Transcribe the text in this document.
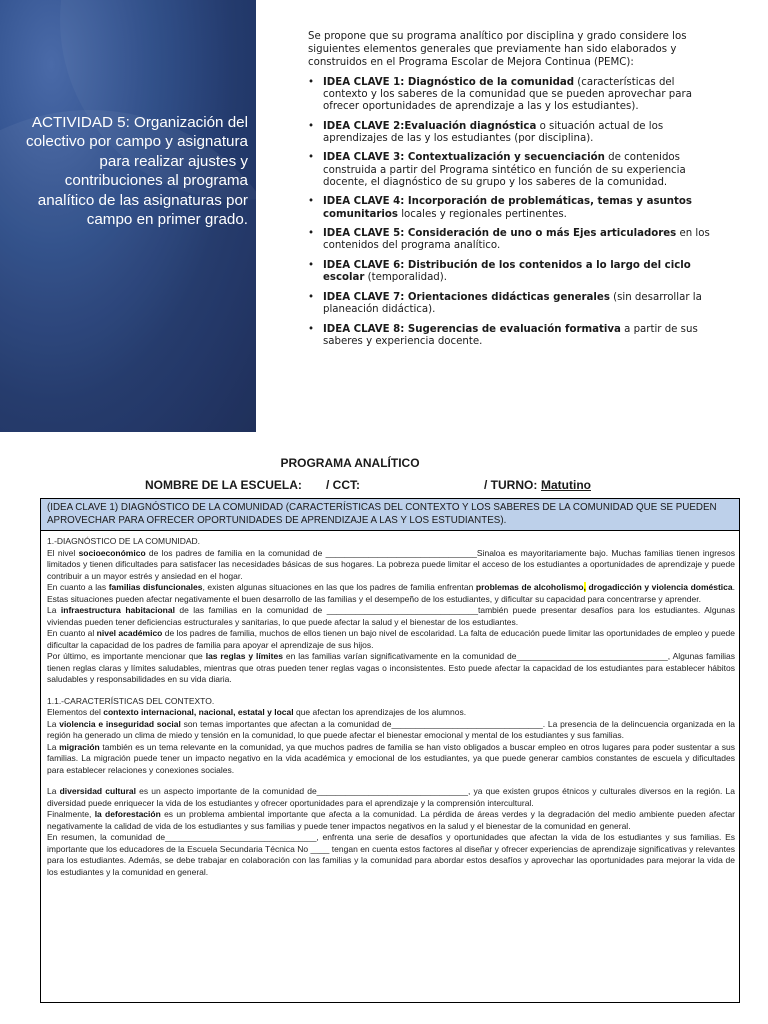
ACTIVIDAD 5: Organización del colectivo por campo y asignatura para realizar ajustes y contribuciones al programa analítico de las asignaturas por campo en primer grado.

Se propone que su programa analítico por disciplina y grado considere los siguientes elementos generales que previamente han sido elaborados y construidos en el Programa Escolar de Mejora Continua (PEMC):

• IDEA CLAVE 1: Diagnóstico de la comunidad (características del contexto y los saberes de la comunidad que se pueden aprovechar para ofrecer oportunidades de aprendizaje a las y los estudiantes).
• IDEA CLAVE 2:Evaluación diagnóstica o situación actual de los aprendizajes de las y los estudiantes (por disciplina).
• IDEA CLAVE 3: Contextualización y secuenciación de contenidos construida a partir del Programa sintético en función de su experiencia docente, el diagnóstico de su grupo y los saberes de la comunidad.
• IDEA CLAVE 4: Incorporación de problemáticas, temas y asuntos comunitarios locales y regionales pertinentes.
• IDEA CLAVE 5: Consideración de uno o más Ejes articuladores en los contenidos del programa analítico.
• IDEA CLAVE 6: Distribución de los contenidos a lo largo del ciclo escolar (temporalidad).
• IDEA CLAVE 7: Orientaciones didácticas generales (sin desarrollar la planeación didáctica).
• IDEA CLAVE 8: Sugerencias de evaluación formativa a partir de sus saberes y experiencia docente.
PROGRAMA ANALÍTICO
NOMBRE DE LA ESCUELA: / CCT:	/ TURNO: Matutino
(IDEA CLAVE 1) DIAGNÓSTICO DE LA COMUNIDAD (CARACTERÍSTICAS DEL CONTEXTO Y LOS SABERES DE LA COMUNIDAD QUE SE PUEDEN APROVECHAR PARA OFRECER OPORTUNIDADES DE APRENDIZAJE A LAS Y LOS ESTUDIANTES).

1.-DIAGNÓSTICO DE LA COMUNIDAD.

El nivel socioeconómico de los padres de familia en la comunidad de ________________________________Sinaloa es mayoritariamente bajo. Muchas familias tienen ingresos limitados y tienen dificultades para satisfacer las necesidades básicas de sus hogares. La pobreza puede limitar el acceso de los estudiantes a oportunidades de aprendizaje y puede contribuir a un mayor estrés y ansiedad en el hogar.

En cuanto a las familias disfuncionales, existen algunas situaciones en las que los padres de familia enfrentan problemas de alcoholismo, drogadicción y violencia doméstica. Estas situaciones pueden afectar negativamente el buen desarrollo de las familias y el desempeño de los estudiantes, y dificultar su capacidad para concentrarse y aprender.

La infraestructura habitacional de las familias en la comunidad de ________________________________también puede presentar desafíos para los estudiantes. Algunas viviendas pueden tener deficiencias estructurales y sanitarias, lo que puede afectar la salud y el bienestar de los estudiantes.

En cuanto al nivel académico de los padres de familia, muchos de ellos tienen un bajo nivel de escolaridad. La falta de educación puede limitar las oportunidades de empleo y puede dificultar la capacidad de los padres de familia para apoyar el aprendizaje de sus hijos.

Por último, es importante mencionar que las reglas y límites en las familias varían significativamente en la comunidad de________________________________, Algunas familias tienen reglas claras y límites saludables, mientras que otras pueden tener reglas vagas o inconsistentes. Esto puede afectar la capacidad de los estudiantes para establecer hábitos saludables y responsabilidades en su vida diaria.

1.1.-CARACTERÍSTICAS DEL CONTEXTO.

Elementos del contexto internacional, nacional, estatal y local que afectan los aprendizajes de los alumnos.

La violencia e inseguridad social son temas importantes que afectan a la comunidad de________________________________. La presencia de la delincuencia organizada en la región ha generado un clima de miedo y tensión en la comunidad, lo que puede afectar el bienestar emocional y mental de los estudiantes y sus familias.

La migración también es un tema relevante en la comunidad, ya que muchos padres de familia se han visto obligados a buscar empleo en otros lugares para poder sustentar a sus familias. La migración puede tener un impacto negativo en la vida académica y emocional de los estudiantes, ya que puede generar cambios constantes de escuela y dificultades para establecer relaciones y conexiones sociales.

La diversidad cultural es un aspecto importante de la comunidad de________________________________, ya que existen grupos étnicos y culturales diversos en la región. La diversidad puede enriquecer la vida de los estudiantes y ofrecer oportunidades para el aprendizaje y la comprensión intercultural.

Finalmente, la deforestación es un problema ambiental importante que afecta a la comunidad. La pérdida de áreas verdes y la degradación del medio ambiente pueden afectar negativamente la calidad de vida de los estudiantes y sus familias y puede tener impactos negativos en la salud y el bienestar de la comunidad en general.

En resumen, la comunidad de________________________________, enfrenta una serie de desafíos y oportunidades que afectan la vida de los estudiantes y sus familias. Es importante que los educadores de la Escuela Secundaria Técnica No ____ tengan en cuenta estos factores al diseñar y ofrecer experiencias de aprendizaje significativas y relevantes para los estudiantes. Además, se debe trabajar en colaboración con las familias y la comunidad para abordar estos desafíos y aprovechar las oportunidades para mejorar la vida de los estudiantes y la comunidad en general.
